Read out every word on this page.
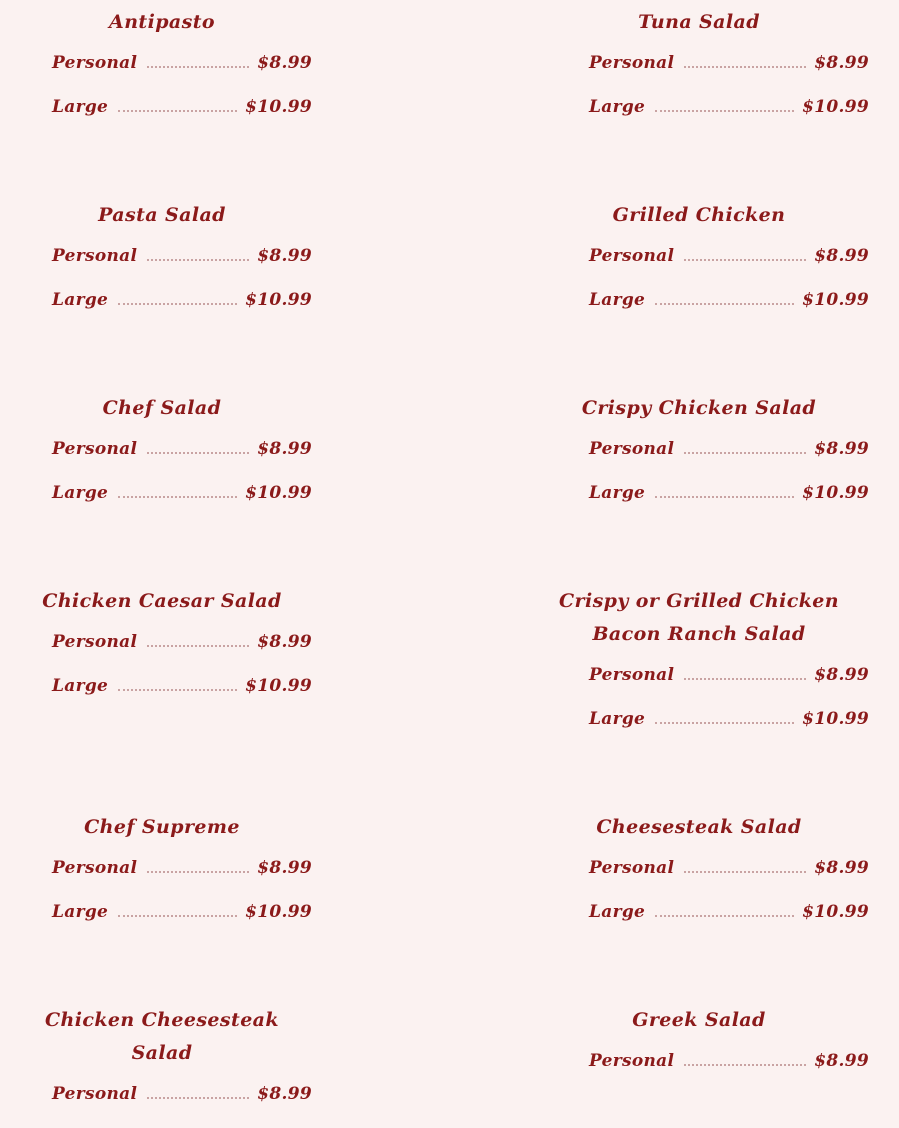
Antipasto
Personal	$8.99
Large	$10.99
Tuna Salad
Personal	$8.99
Large	$10.99
Pasta Salad
Personal	$8.99
Large	$10.99
Grilled Chicken
Personal	$8.99
Large	$10.99
Chef Salad
Personal	$8.99
Large	$10.99
Crispy Chicken Salad
Personal	$8.99
Large	$10.99
Chicken Caesar Salad
Personal	$8.99
Large	$10.99
Crispy or Grilled Chicken Bacon Ranch Salad
Personal	$8.99
Large	$10.99
Chef Supreme
Personal	$8.99
Large	$10.99
Cheesesteak Salad
Personal	$8.99
Large	$10.99
Chicken Cheesesteak Salad
Personal	$8.99
Greek Salad
Personal	$8.99
